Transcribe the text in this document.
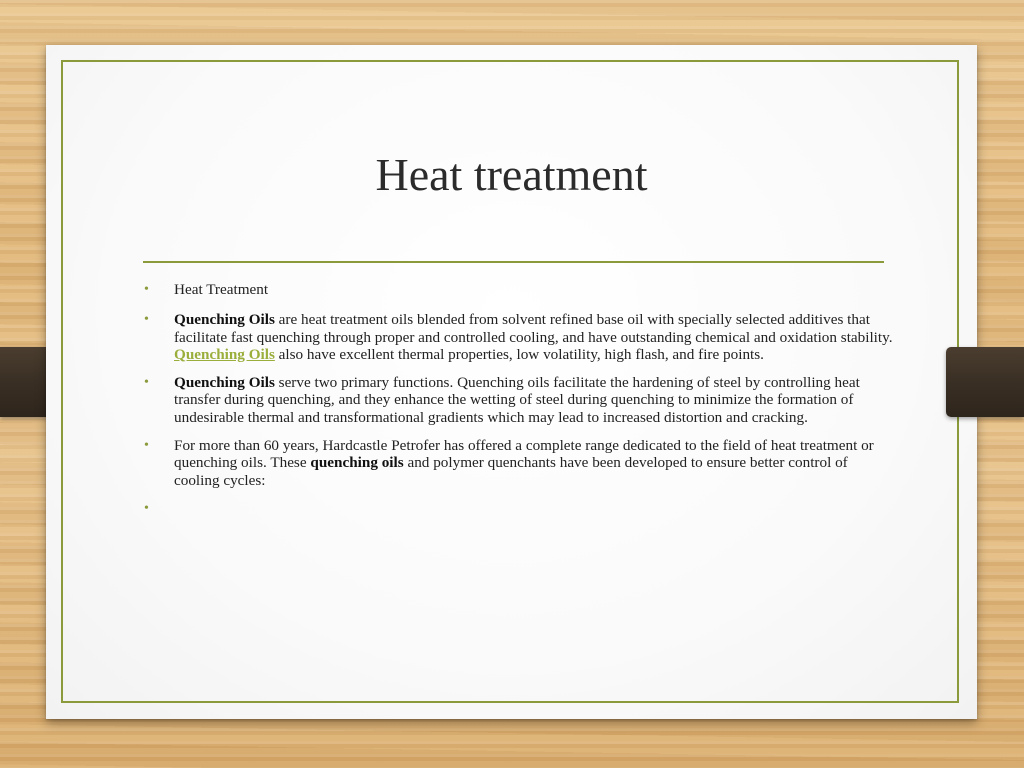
Heat treatment
• Heat Treatment
• Quenching Oils are heat treatment oils blended from solvent refined base oil with specially selected additives that facilitate fast quenching through proper and controlled cooling, and have outstanding chemical and oxidation stability. Quenching Oils also have excellent thermal properties, low volatility, high flash, and fire points.
• Quenching Oils serve two primary functions. Quenching oils facilitate the hardening of steel by controlling heat transfer during quenching, and they enhance the wetting of steel during quenching to minimize the formation of undesirable thermal and transformational gradients which may lead to increased distortion and cracking.
• For more than 60 years, Hardcastle Petrofer has offered a complete range dedicated to the field of heat treatment or quenching oils. These quenching oils and polymer quenchants have been developed to ensure better control of cooling cycles:
•
